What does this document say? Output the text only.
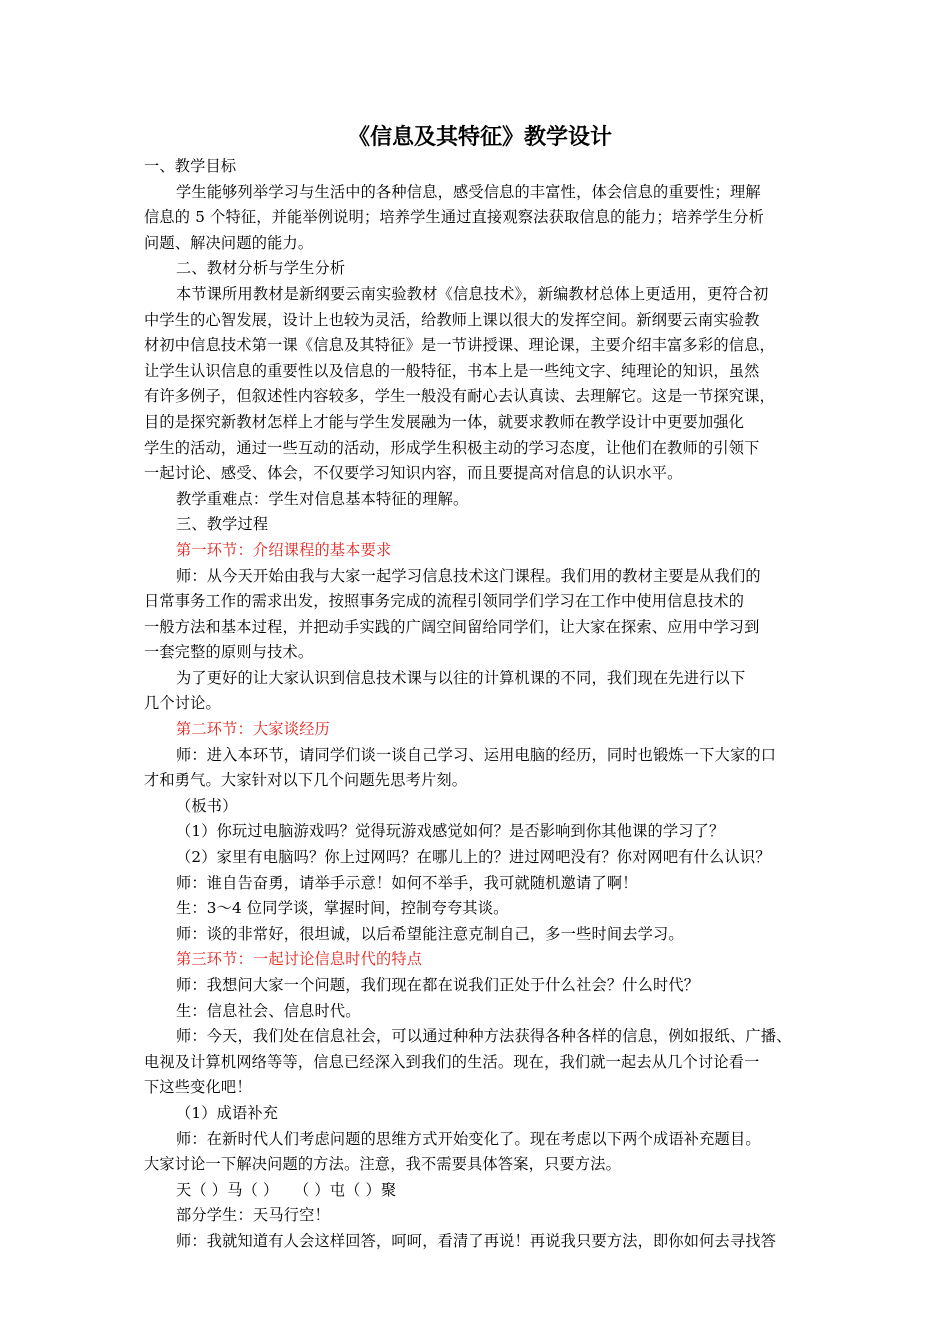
《信息及其特征》教学设计

一、教学目标

学生能够列举学习与生活中的各种信息，感受信息的丰富性，体会信息的重要性；理解

信息的 5 个特征，并能举例说明；培养学生通过直接观察法获取信息的能力；培养学生分析

问题、解决问题的能力。

二、教材分析与学生分析

本节课所用教材是新纲要云南实验教材《信息技术》，新编教材总体上更适用，更符合初

中学生的心智发展，设计上也较为灵活，给教师上课以很大的发挥空间。新纲要云南实验教

材初中信息技术第一课《信息及其特征》是一节讲授课、理论课，主要介绍丰富多彩的信息，

让学生认识信息的重要性以及信息的一般特征，书本上是一些纯文字、纯理论的知识，虽然

有许多例子，但叙述性内容较多，学生一般没有耐心去认真读、去理解它。这是一节探究课，

目的是探究新教材怎样上才能与学生发展融为一体，就要求教师在教学设计中更要加强化

学生的活动，通过一些互动的活动，形成学生积极主动的学习态度，让他们在教师的引领下

一起讨论、感受、体会，不仅要学习知识内容，而且要提高对信息的认识水平。

教学重难点：学生对信息基本特征的理解。

三、教学过程

第一环节：介绍课程的基本要求

师：从今天开始由我与大家一起学习信息技术这门课程。我们用的教材主要是从我们的

日常事务工作的需求出发，按照事务完成的流程引领同学们学习在工作中使用信息技术的

一般方法和基本过程，并把动手实践的广阔空间留给同学们，让大家在探索、应用中学习到

一套完整的原则与技术。

为了更好的让大家认识到信息技术课与以往的计算机课的不同，我们现在先进行以下

几个讨论。

第二环节：大家谈经历

师：进入本环节，请同学们谈一谈自己学习、运用电脑的经历，同时也锻炼一下大家的口

才和勇气。大家针对以下几个问题先思考片刻。

（板书）

（1）你玩过电脑游戏吗？觉得玩游戏感觉如何？是否影响到你其他课的学习了？

（2）家里有电脑吗？你上过网吗？在哪儿上的？进过网吧没有？你对网吧有什么认识？

师：谁自告奋勇，请举手示意！如何不举手，我可就随机邀请了啊！

生：3～4 位同学谈，掌握时间，控制夸夸其谈。

师：谈的非常好，很坦诚，以后希望能注意克制自己，多一些时间去学习。

第三环节：一起讨论信息时代的特点

师：我想问大家一个问题，我们现在都在说我们正处于什么社会？什么时代？

生：信息社会、信息时代。

师：今天，我们处在信息社会，可以通过种种方法获得各种各样的信息，例如报纸、广播、

电视及计算机网络等等，信息已经深入到我们的生活。现在，我们就一起去从几个讨论看一

下这些变化吧！

（1）成语补充

师：在新时代人们考虑问题的思维方式开始变化了。现在考虑以下两个成语补充题目。

大家讨论一下解决问题的方法。注意，我不需要具体答案，只要方法。

天（ ）马（ ）　　（ ）屯（ ）聚

部分学生：天马行空！

师：我就知道有人会这样回答，呵呵，看清了再说！再说我只要方法，即你如何去寻找答
